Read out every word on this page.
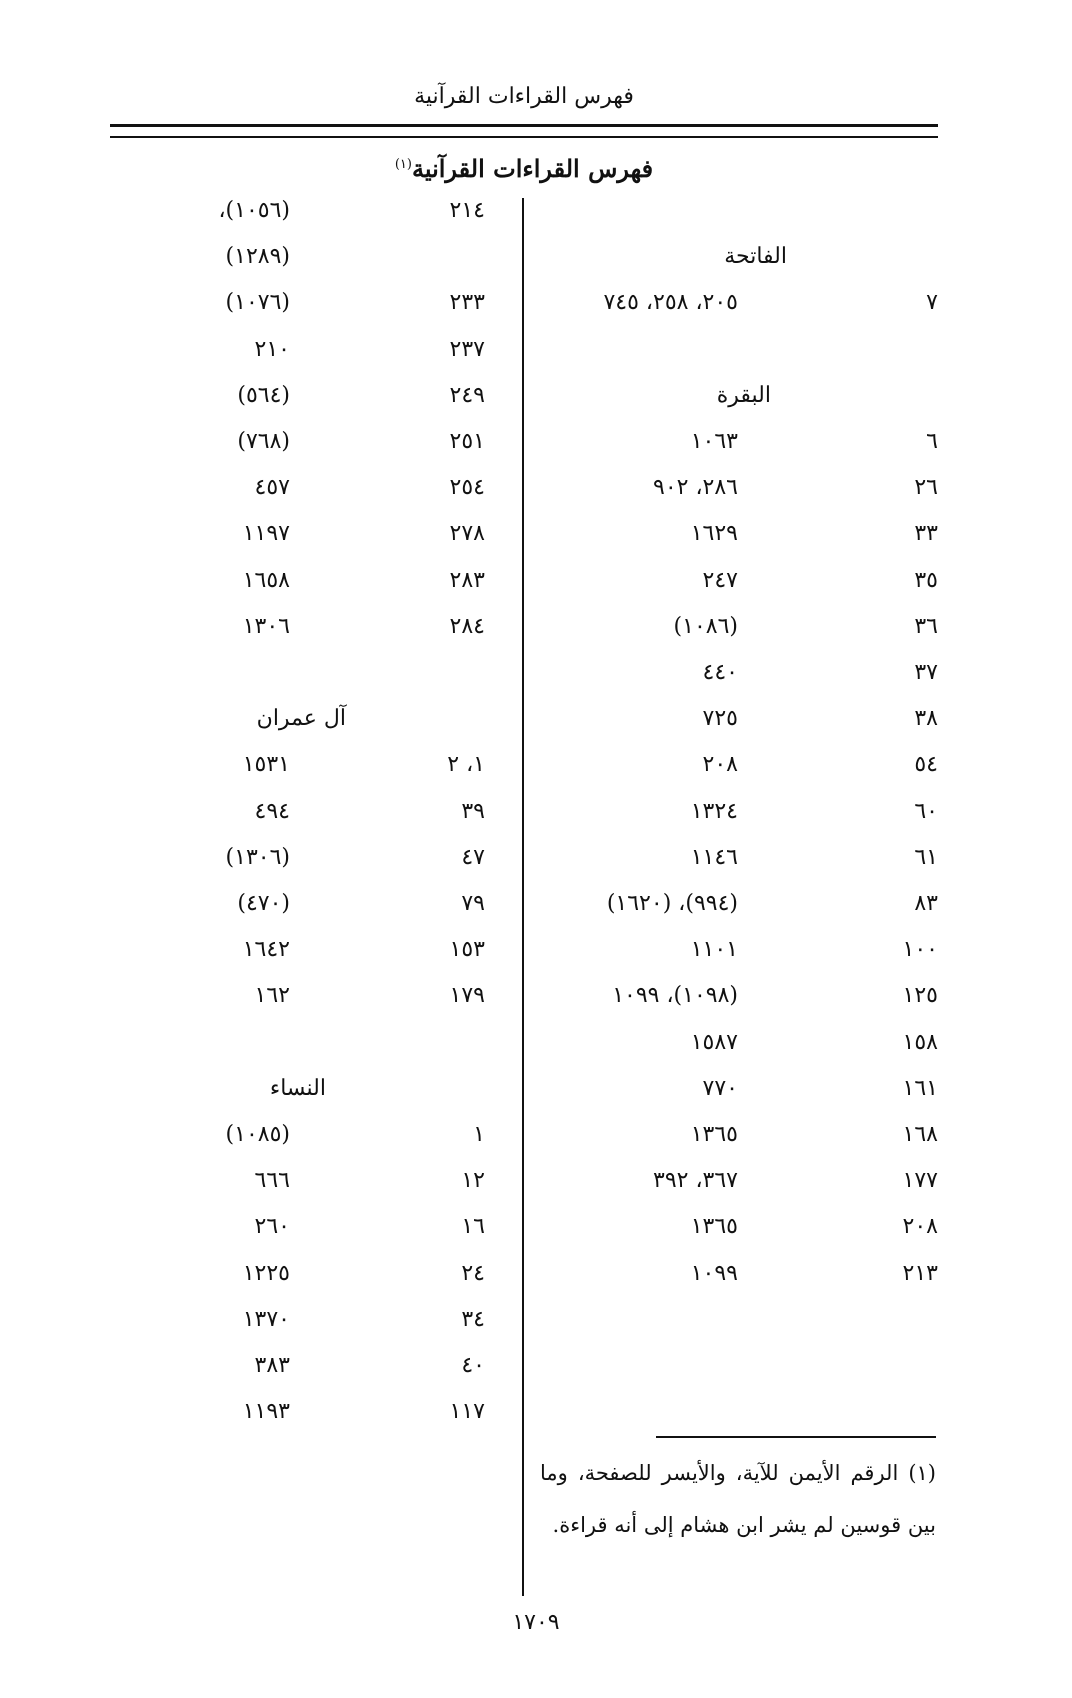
فهرس القراءات القرآنية
فهرس القراءات القرآنية$^{(١)}$
الفاتحة
٧
٢٠٥، ٢٥٨، ٧٤٥
البقرة
٦
١٠٦٣
٢٦
٢٨٦، ٩٠٢
٣٣
١٦٢٩
٣٥
٢٤٧
٣٦
(١٠٨٦)
٣٧
٤٤٠
٣٨
٧٢٥
٥٤
٢٠٨
٦٠
١٣٢٤
٦١
١١٤٦
٨٣
(٩٩٤)، (١٦٢٠)
١٠٠
١١٠١
١٢٥
(١٠٩٨)، ١٠٩٩
١٥٨
١٥٨٧
١٦١
٧٧٠
١٦٨
١٣٦٥
١٧٧
٣٦٧، ٣٩٢
٢٠٨
١٣٦٥
٢١٣
١٠٩٩
٢١٤
(١٠٥٦)،
(١٢٨٩)
٢٣٣
(١٠٧٦)
٢٣٧
٢١٠
٢٤٩
(٥٦٤)
٢٥١
(٧٦٨)
٢٥٤
٤٥٧
٢٧٨
١١٩٧
٢٨٣
١٦٥٨
٢٨٤
١٣٠٦
آل عمران
١، ٢
١٥٣١
٣٩
٤٩٤
٤٧
(١٣٠٦)
٧٩
(٤٧٠)
١٥٣
١٦٤٢
١٧٩
١٦٢
النساء
١
(١٠٨٥)
١٢
٦٦٦
١٦
٢٦٠
٢٤
١٢٢٥
٣٤
١٣٧٠
٤٠
٣٨٣
١١٧
١١٩٣
(١) الرقم الأيمن للآية، والأيسر للصفحة، وما بين قوسين لم يشر ابن هشام إلى أنه قراءة.
١٧٠٩
